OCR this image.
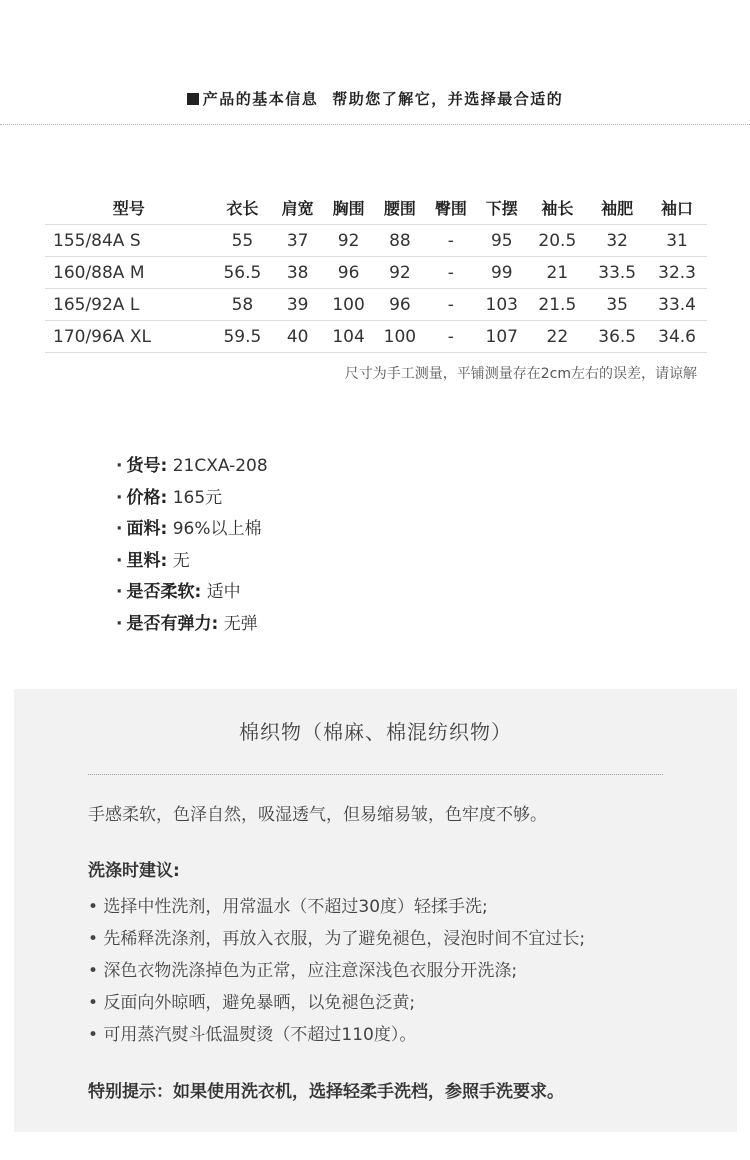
产品的基本信息 帮助您了解它，并选择最合适的
型号	衣长	肩宽	胸围	腰围	臀围	下摆	袖长	袖肥	袖口
155/84A S	55	37	92	88	-	95	20.5	32	31
160/88A M	56.5	38	96	92	-	99	21	33.5	32.3
165/92A L	58	39	100	96	-	103	21.5	35	33.4
170/96A XL	59.5	40	104	100	-	107	22	36.5	34.6
尺寸为手工测量，平铺测量存在2cm左右的误差，请谅解
· 货号: 21CXA-208
· 价格: 165元
· 面料: 96%以上棉
· 里料: 无
· 是否柔软: 适中
· 是否有弹力: 无弹
棉织物（棉麻、棉混纺织物）
手感柔软，色泽自然，吸湿透气，但易缩易皱，色牢度不够。
洗涤时建议:
• 选择中性洗剂，用常温水（不超过30度）轻揉手洗;
• 先稀释洗涤剂，再放入衣服，为了避免褪色，浸泡时间不宜过长;
• 深色衣物洗涤掉色为正常，应注意深浅色衣服分开洗涤;
• 反面向外晾晒，避免暴晒，以免褪色泛黄;
• 可用蒸汽熨斗低温熨烫（不超过110度）。
特别提示：如果使用洗衣机，选择轻柔手洗档，参照手洗要求。
